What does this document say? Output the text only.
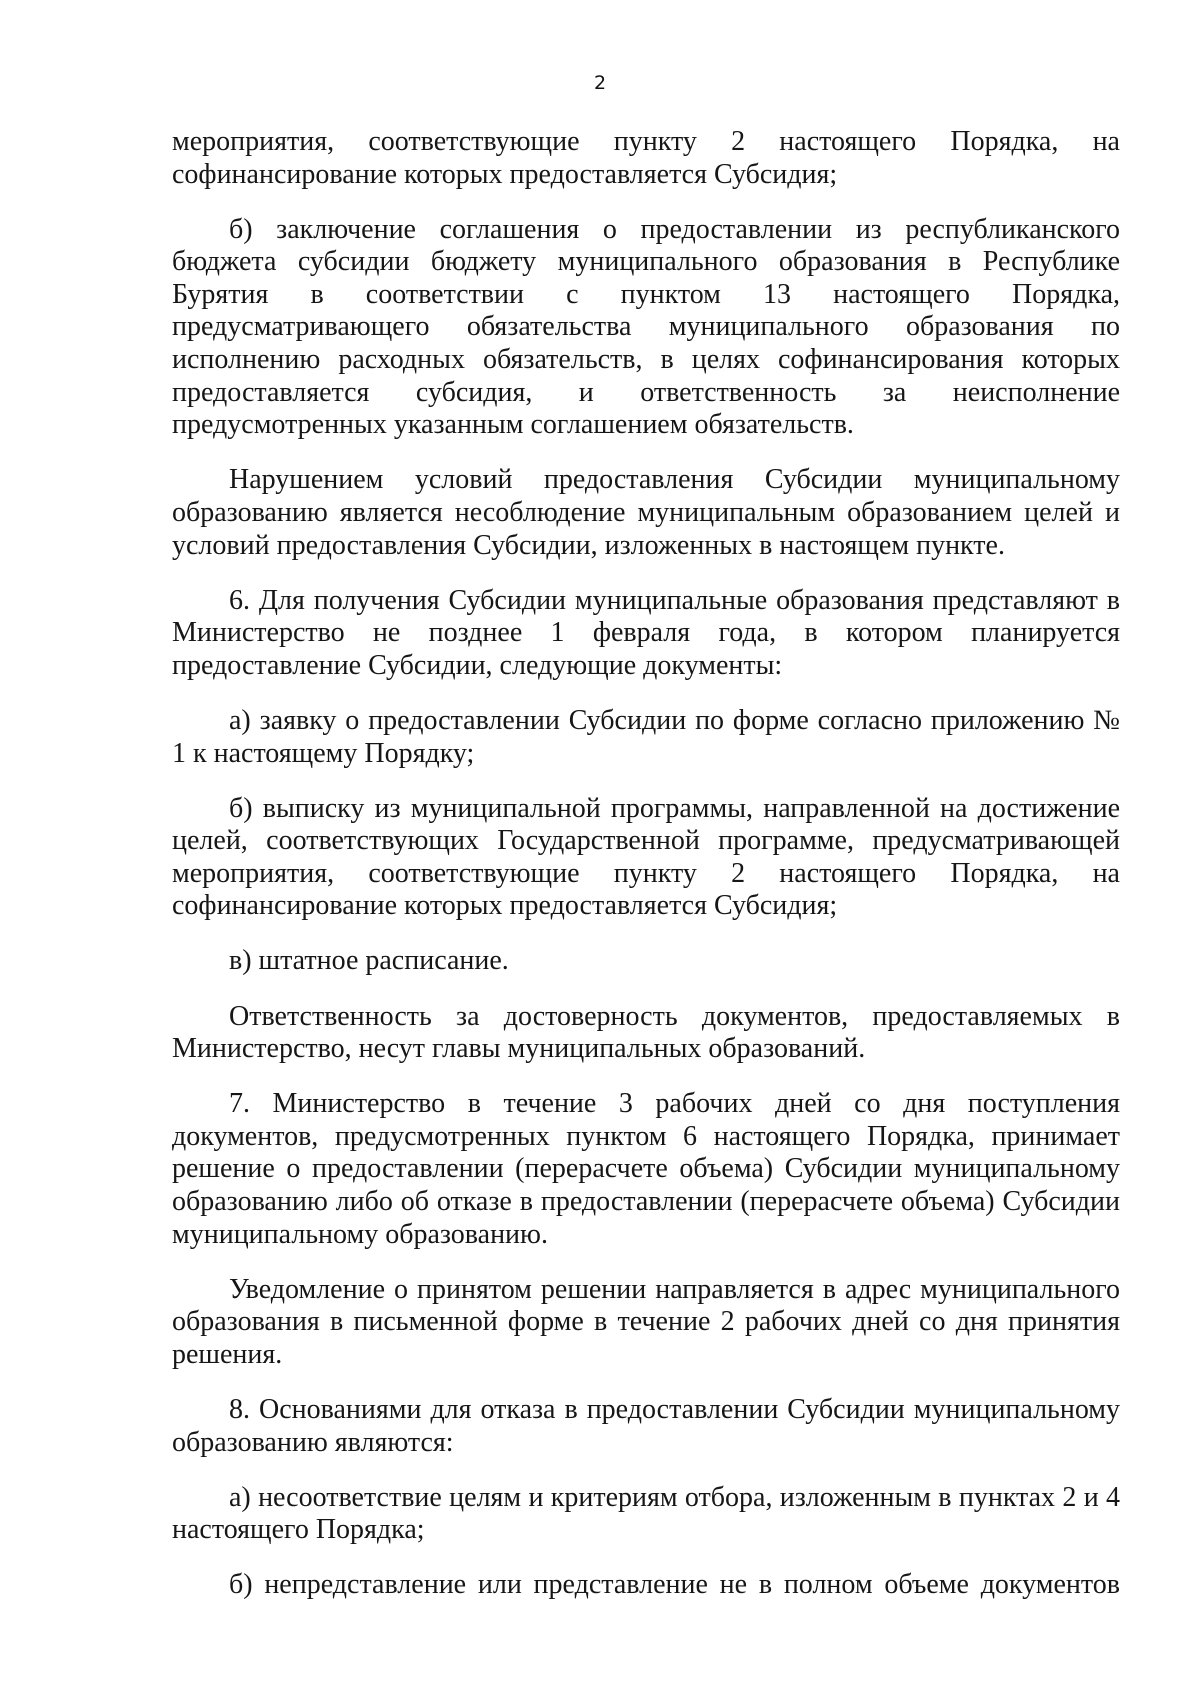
2

мероприятия, соответствующие пункту 2 настоящего Порядка, на софинансирование которых предоставляется Субсидия;

б) заключение соглашения о предоставлении из республиканского бюджета субсидии бюджету муниципального образования в Республике Бурятия в соответствии с пунктом 13 настоящего Порядка, предусматривающего обязательства муниципального образования по исполнению расходных обязательств, в целях софинансирования которых предоставляется субсидия, и ответственность за неисполнение предусмотренных указанным соглашением обязательств.

Нарушением условий предоставления Субсидии муниципальному образованию является несоблюдение муниципальным образованием целей и условий предоставления Субсидии, изложенных в настоящем пункте.

6. Для получения Субсидии муниципальные образования представляют в Министерство не позднее 1 февраля года, в котором планируется предоставление Субсидии, следующие документы:

а) заявку о предоставлении Субсидии по форме согласно приложению № 1 к настоящему Порядку;

б) выписку из муниципальной программы, направленной на достижение целей, соответствующих Государственной программе, предусматривающей мероприятия, соответствующие пункту 2 настоящего Порядка, на софинансирование которых предоставляется Субсидия;

в) штатное расписание.

Ответственность за достоверность документов, предоставляемых в Министерство, несут главы муниципальных образований.

7. Министерство в течение 3 рабочих дней со дня поступления документов, предусмотренных пунктом 6 настоящего Порядка, принимает решение о предоставлении (перерасчете объема) Субсидии муниципальному образованию либо об отказе в предоставлении (перерасчете объема) Субсидии муниципальному образованию.

Уведомление о принятом решении направляется в адрес муниципального образования в письменной форме в течение 2 рабочих дней со дня принятия решения.

8. Основаниями для отказа в предоставлении Субсидии муниципальному образованию являются:

а) несоответствие целям и критериям отбора, изложенным в пунктах 2 и 4 настоящего Порядка;

б) непредставление или представление не в полном объеме документов
